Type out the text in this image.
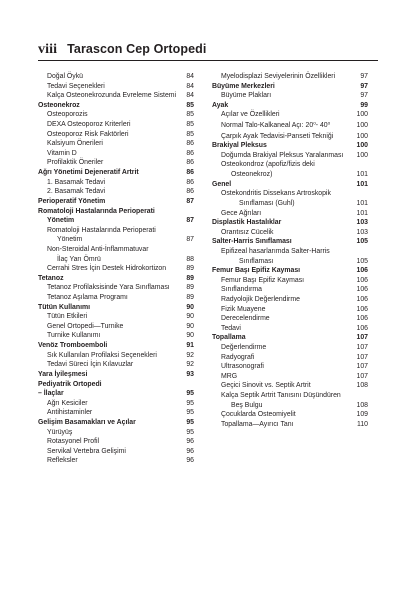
viii Tarascon Cep Ortopedi
Doğal Öykü	84
Tedavi Seçenekleri	84
Kalça Osteonekrozunda Evreleme Sistemi 84
Osteonekroz	85
Osteoporozis	85
DEXA Osteoporoz Kriterleri	85
Osteoporoz Risk Faktörleri	85
Kalsiyum Önerileri	86
Vitamin D	86
Profilaktik Öneriler	86
Ağrı Yönetimi Dejeneratif Artrit	86
1. Basamak Tedavi	86
2. Basamak Tedavi	86
Perioperatif Yönetim	87
Romatoloji Hastalarında Perioperati
Yönetim	87
Romatoloji Hastalarında Perioperati
Yönetim	87
Non-Steroidal Anti-İnflammatuvar
İlaç Yarı Ömrü	88
Cerrahi Stres İçin Destek Hidrokortizon	89
Tetanoz	89
Tetanoz Profilaksisinde Yara Sınıflaması 89
Tetanoz Aşılama Programı	89
Tütün Kullanımı	90
Tütün Etkileri	90
Genel Ortopedi—Turnike	90
Turnike Kullanımı	90
Venöz Tromboemboli	91
Sık Kullanılan Profilaksi Seçenekleri	92
Tedavi Süreci İçin Kılavuzlar	92
Yara İyileşmesi	93
Pediyatrik Ortopedi
– İlaçlar	95
Ağrı Kesiciler	95
Antihistaminler	95
Gelişim Basamakları ve Açılar	95
Yürüyüş	95
Rotasyonel Profil	96
Servikal Vertebra Gelişimi	96
Refleksler	96
Myelodisplazi Seviyelerinin Özellikleri	97
Büyüme Merkezleri	97
Büyüme Plakları	97
Ayak	99
Açılar ve Özellikleri	100
Normal Talo-Kalkaneal Açı: 20$^o$- 40$^o$	100
Çarpık Ayak Tedavisi-Panseti Tekniği	100
Brakiyal Pleksus	100
Doğumda Brakiyal Pleksus Yaralanması 100
Osteokondroz (apofiz/fizis deki
Osteonekroz)	101
Genel	101
Ostekondritis Dissekans Artroskopik
Sınıflaması (Guhl)	101
Gece Ağrıları	101
Displastik Hastalıklar	103
Orantısız Cücelik	103
Salter-Harris Sınıflaması	105
Epifizeal hasarlarımda Salter-Harris
Sınıflaması	105
Femur Başı Epifiz Kayması	106
Femur Başı Epifiz Kayması	106
Sınıflandırma	106
Radyolojik Değerlendirme	106
Fizik Muayene	106
Derecelendirme	106
Tedavi	106
Topallama	107
Değerlendirme	107
Radyografi	107
Ultrasonografi	107
MRG	107
Geçici Sinovit vs. Septik Artrit	108
Kalça Septik Artrit Tanısını Düşündüren
Beş Bulgu	108
Çocuklarda Osteomiyelit	109
Topallama—Ayırıcı Tanı	110
